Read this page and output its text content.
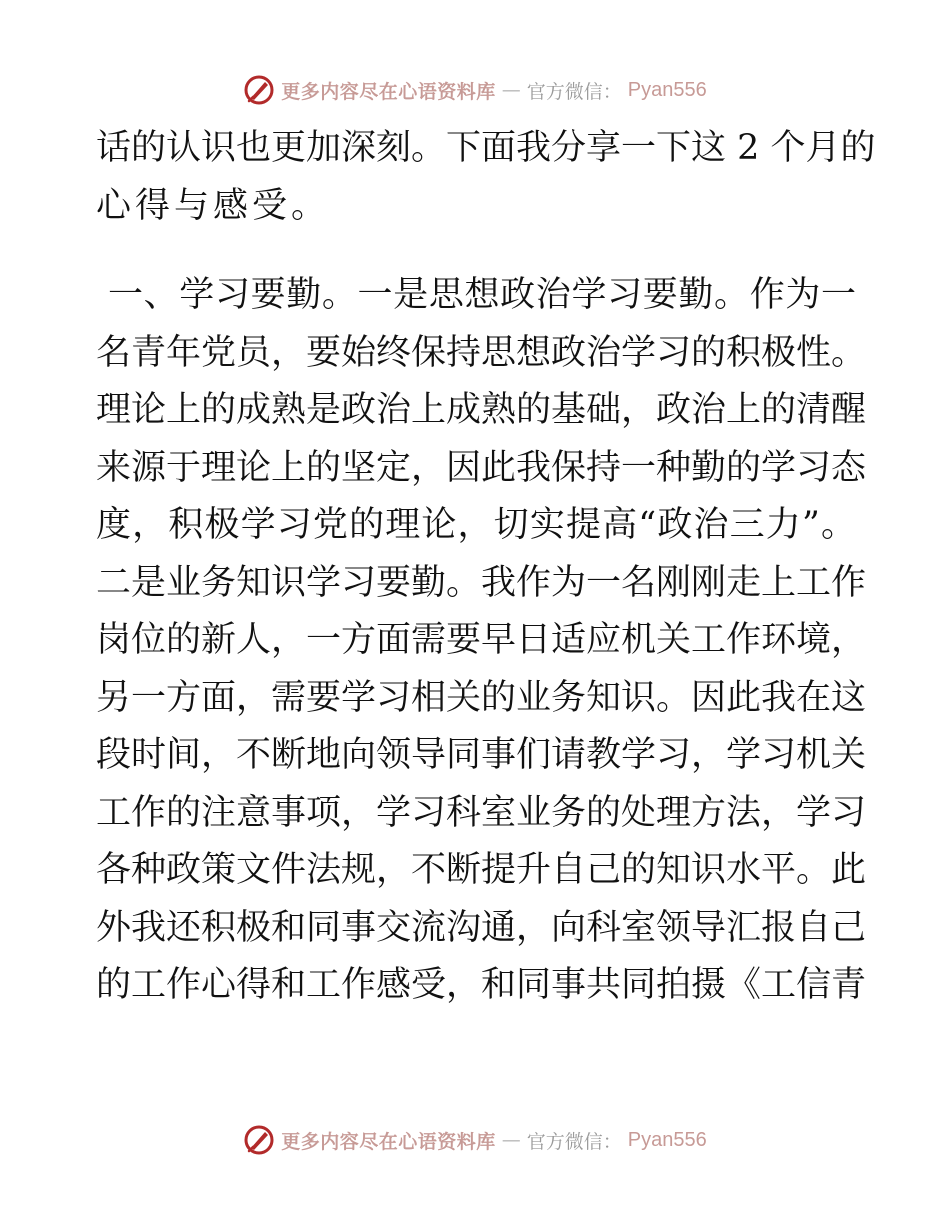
更多内容尽在心语资料库 — 官方微信： Pyan556
话的认识也更加深刻。下面我分享一下这 2 个月的
心得与感受。
一、学习要勤。一是思想政治学习要勤。作为一
名青年党员，要始终保持思想政治学习的积极性。
理论上的成熟是政治上成熟的基础，政治上的清醒
来源于理论上的坚定，因此我保持一种勤的学习态
度，积极学习党的理论，切实提高“政治三力”。
二是业务知识学习要勤。我作为一名刚刚走上工作
岗位的新人，一方面需要早日适应机关工作环境，
另一方面，需要学习相关的业务知识。因此我在这
段时间，不断地向领导同事们请教学习，学习机关
工作的注意事项，学习科室业务的处理方法，学习
各种政策文件法规，不断提升自己的知识水平。此
外我还积极和同事交流沟通，向科室领导汇报自己
的工作心得和工作感受，和同事共同拍摄《工信青
更多内容尽在心语资料库 — 官方微信： Pyan556
